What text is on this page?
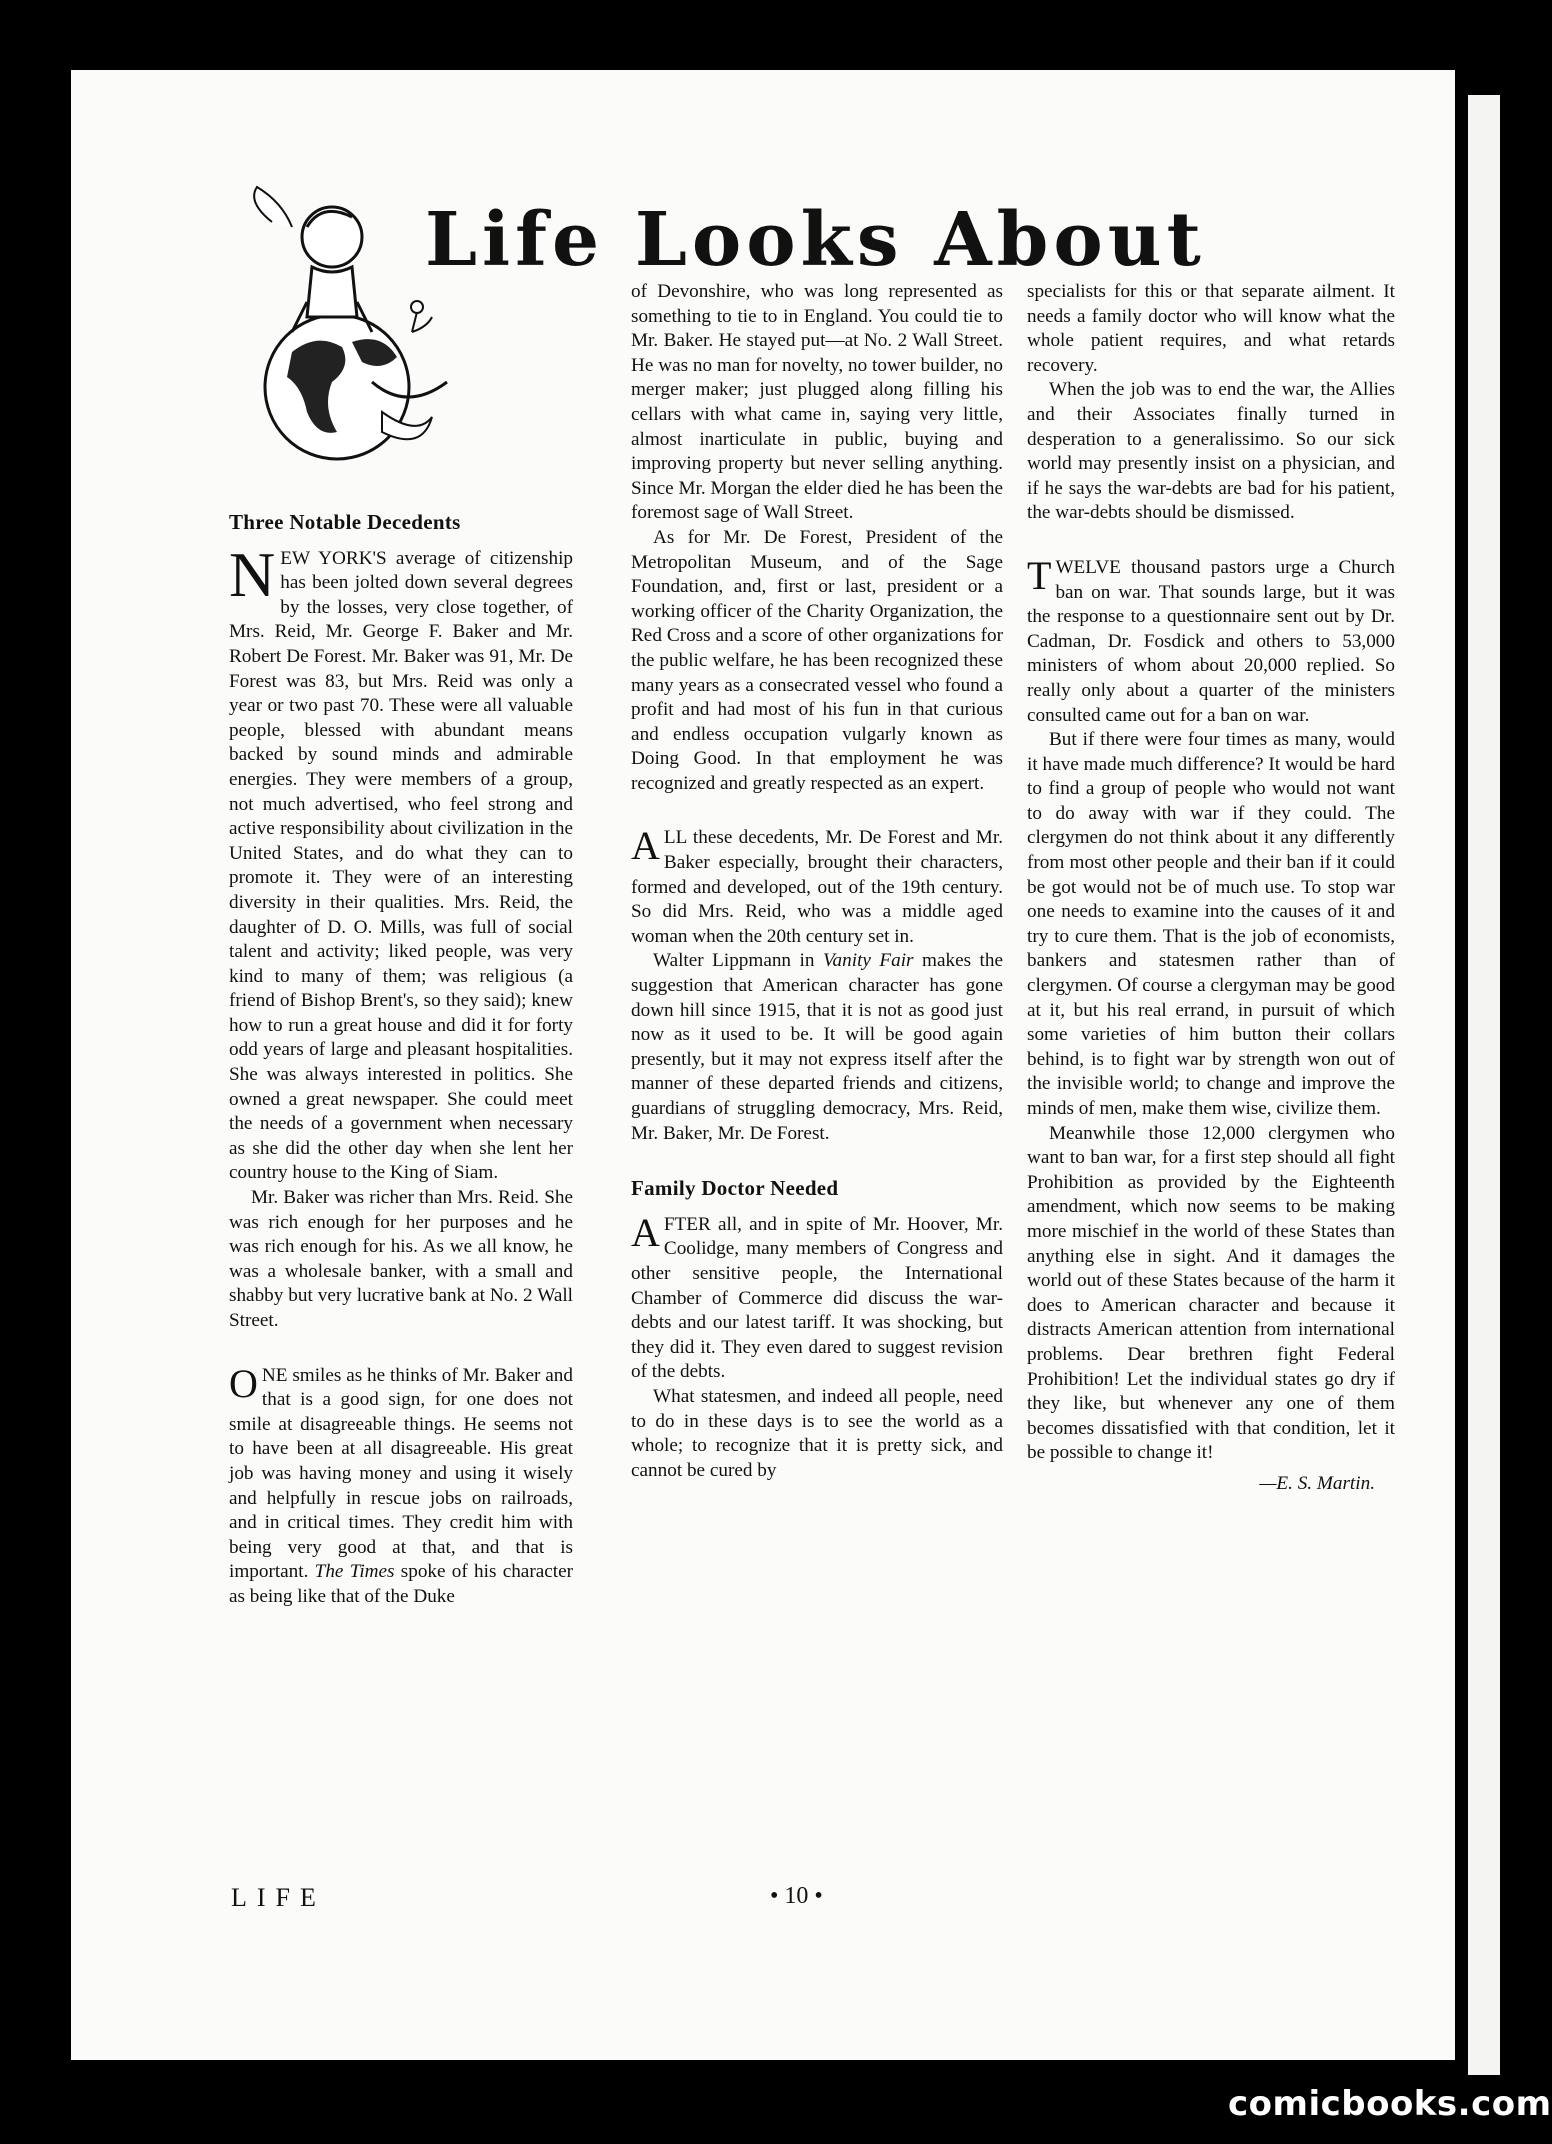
Life Looks About
Three Notable Decedents

NEW YORK'S average of citizenship has been jolted down several degrees by the losses, very close together, of Mrs. Reid, Mr. George F. Baker and Mr. Robert De Forest. Mr. Baker was 91, Mr. De Forest was 83, but Mrs. Reid was only a year or two past 70. These were all valuable people, blessed with abundant means backed by sound minds and admirable energies. They were members of a group, not much advertised, who feel strong and active responsibility about civilization in the United States, and do what they can to promote it. They were of an interesting diversity in their qualities. Mrs. Reid, the daughter of D. O. Mills, was full of social talent and activity; liked people, was very kind to many of them; was religious (a friend of Bishop Brent's, so they said); knew how to run a great house and did it for forty odd years of large and pleasant hospitalities. She was always interested in politics. She owned a great newspaper. She could meet the needs of a government when necessary as she did the other day when she lent her country house to the King of Siam.

Mr. Baker was richer than Mrs. Reid. She was rich enough for her purposes and he was rich enough for his. As we all know, he was a wholesale banker, with a small and shabby but very lucrative bank at No. 2 Wall Street.

ONE smiles as he thinks of Mr. Baker and that is a good sign, for one does not smile at disagreeable things. He seems not to have been at all disagreeable. His great job was having money and using it wisely and helpfully in rescue jobs on railroads, and in critical times. They credit him with being very good at that, and that is important. The Times spoke of his character as being like that of the Duke

of Devonshire, who was long represented as something to tie to in England. You could tie to Mr. Baker. He stayed put—at No. 2 Wall Street. He was no man for novelty, no tower builder, no merger maker; just plugged along filling his cellars with what came in, saying very little, almost inarticulate in public, buying and improving property but never selling anything. Since Mr. Morgan the elder died he has been the foremost sage of Wall Street.

As for Mr. De Forest, President of the Metropolitan Museum, and of the Sage Foundation, and, first or last, president or a working officer of the Charity Organization, the Red Cross and a score of other organizations for the public welfare, he has been recognized these many years as a consecrated vessel who found a profit and had most of his fun in that curious and endless occupation vulgarly known as Doing Good. In that employment he was recognized and greatly respected as an expert.

ALL these decedents, Mr. De Forest and Mr. Baker especially, brought their characters, formed and developed, out of the 19th century. So did Mrs. Reid, who was a middle aged woman when the 20th century set in.

Walter Lippmann in Vanity Fair makes the suggestion that American character has gone down hill since 1915, that it is not as good just now as it used to be. It will be good again presently, but it may not express itself after the manner of these departed friends and citizens, guardians of struggling democracy, Mrs. Reid, Mr. Baker, Mr. De Forest.

Family Doctor Needed

AFTER all, and in spite of Mr. Hoover, Mr. Coolidge, many members of Congress and other sensitive people, the International Chamber of Commerce did discuss the war-debts and our latest tariff. It was shocking, but they did it. They even dared to suggest revision of the debts.

What statesmen, and indeed all people, need to do in these days is to see the world as a whole; to recognize that it is pretty sick, and cannot be cured by

specialists for this or that separate ailment. It needs a family doctor who will know what the whole patient requires, and what retards recovery.

When the job was to end the war, the Allies and their Associates finally turned in desperation to a generalissimo. So our sick world may presently insist on a physician, and if he says the war-debts are bad for his patient, the war-debts should be dismissed.

TWELVE thousand pastors urge a Church ban on war. That sounds large, but it was the response to a questionnaire sent out by Dr. Cadman, Dr. Fosdick and others to 53,000 ministers of whom about 20,000 replied. So really only about a quarter of the ministers consulted came out for a ban on war.

But if there were four times as many, would it have made much difference? It would be hard to find a group of people who would not want to do away with war if they could. The clergymen do not think about it any differently from most other people and their ban if it could be got would not be of much use. To stop war one needs to examine into the causes of it and try to cure them. That is the job of economists, bankers and statesmen rather than of clergymen. Of course a clergyman may be good at it, but his real errand, in pursuit of which some varieties of him button their collars behind, is to fight war by strength won out of the invisible world; to change and improve the minds of men, make them wise, civilize them.

Meanwhile those 12,000 clergymen who want to ban war, for a first step should all fight Prohibition as provided by the Eighteenth amendment, which now seems to be making more mischief in the world of these States than anything else in sight. And it damages the world out of these States because of the harm it does to American character and because it distracts American attention from international problems. Dear brethren fight Federal Prohibition! Let the individual states go dry if they like, but whenever any one of them becomes dissatisfied with that condition, let it be possible to change it!

—E. S. Martin.
LIFE	• 10 •
comicbooks.com
